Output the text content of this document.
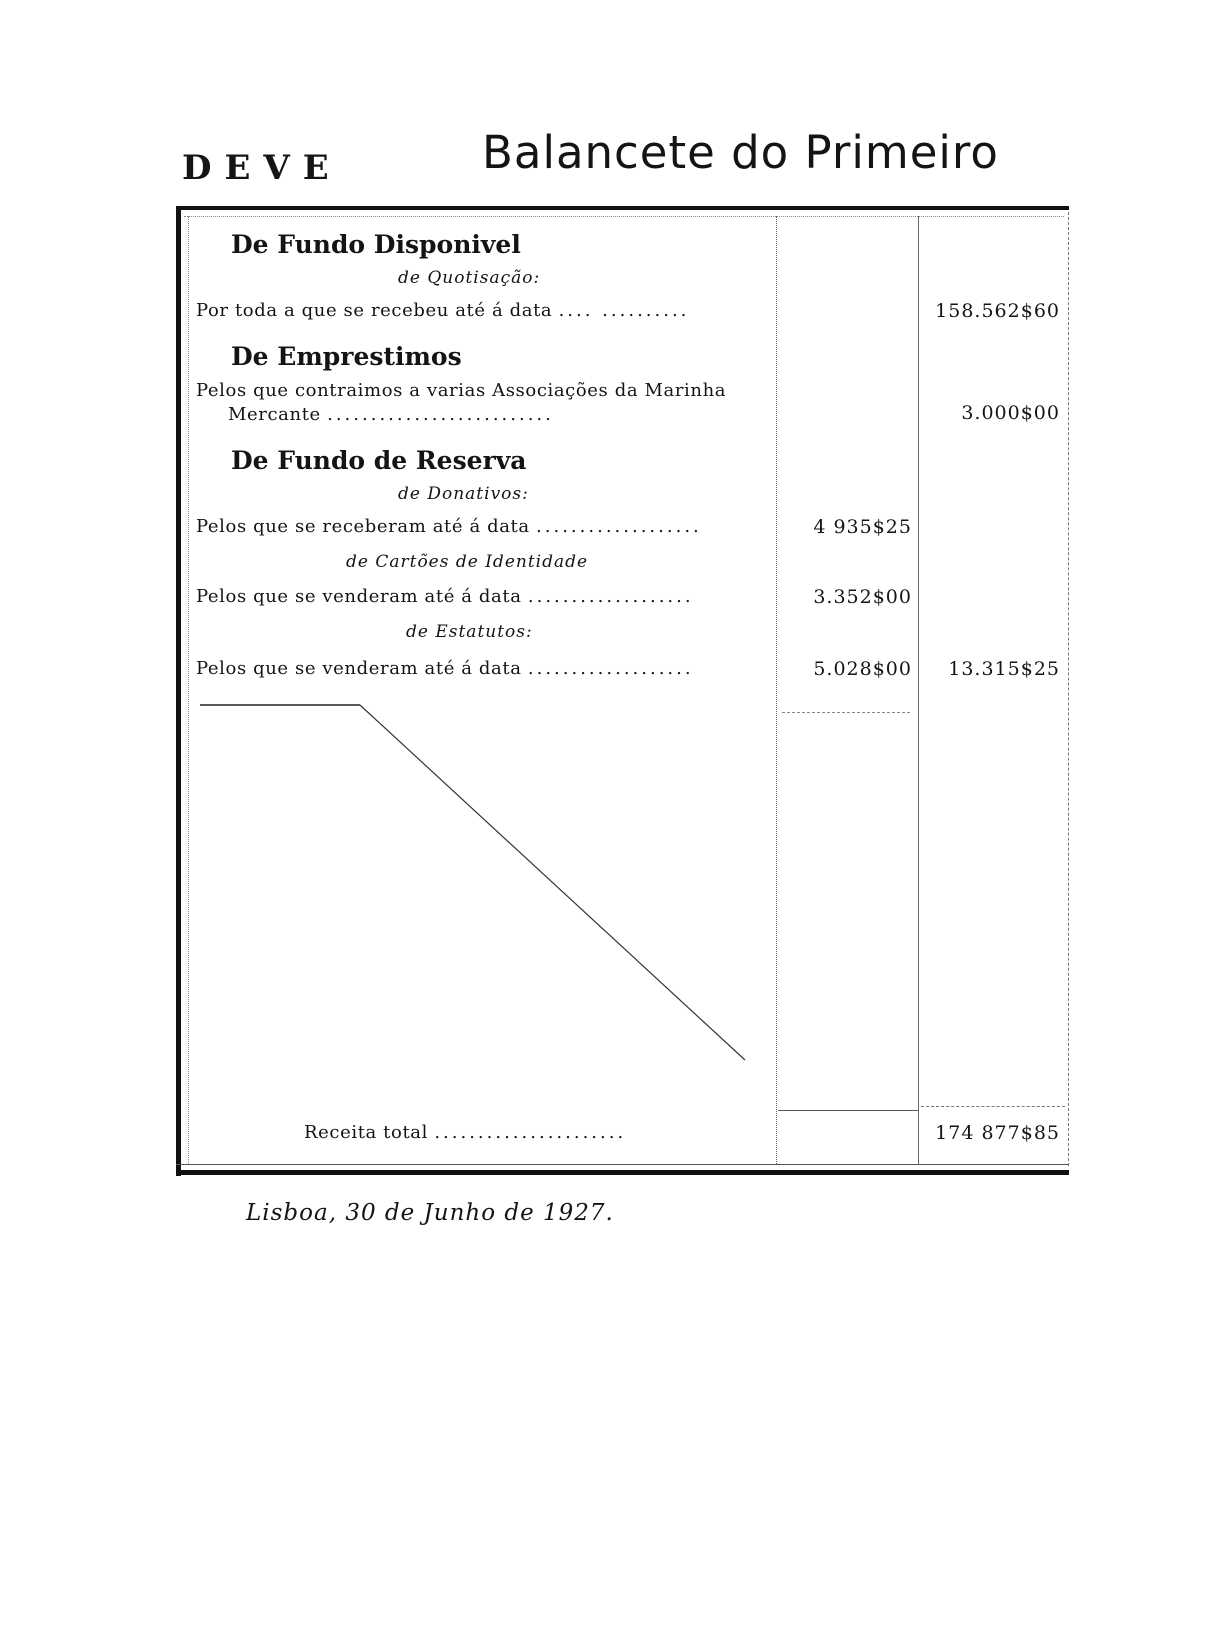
DEVE	Balancete do Primeiro
De Fundo Disponivel
de Quotisação:
Por toda a que se recebeu até á data .... ..........	158.562$60
De Emprestimos
Pelos que contraimos a varias Associações da Marinha
Mercante ..........................	3.000$00
De Fundo de Reserva
de Donativos:
Pelos que se receberam até á data ...................	4 935$25
de Cartões de Identidade
Pelos que se venderam até á data ...................	3.352$00
de Estatutos:
Pelos que se venderam até á data ...................	5.028$00	13.315$25
Receita total ......................	174 877$85
Lisboa, 30 de Junho de 1927.
